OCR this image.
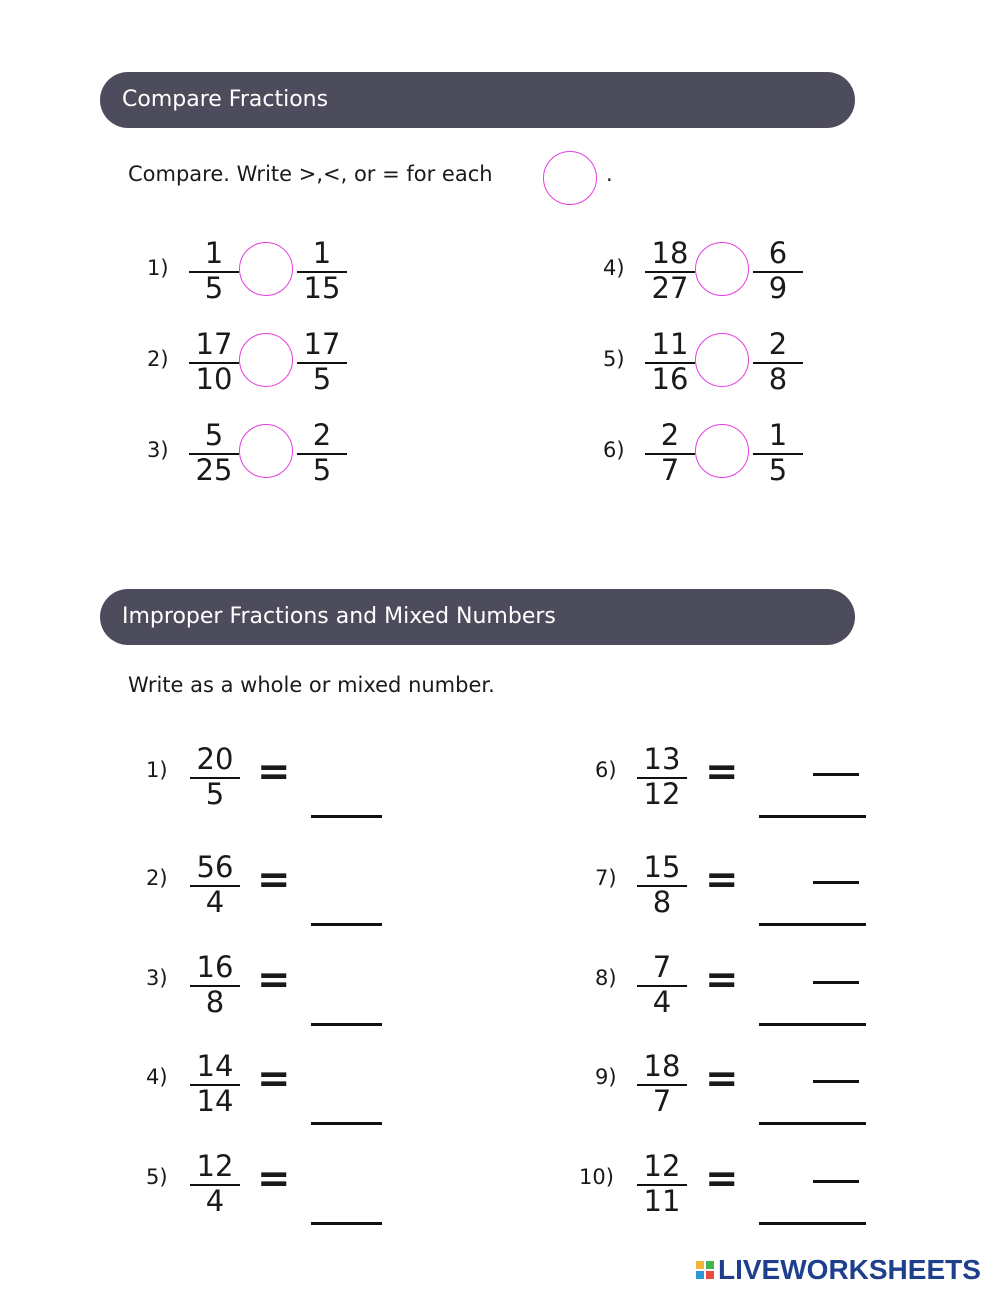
Compare Fractions
Compare. Write >,<, or = for each	.
1)	1
5
1
15
2) 17
10
17
5
3)	5
25
2
5
4) 18
27
6
9
5) 11
16
2
8
6)	2
7
1
5
Improper Fractions and Mixed Numbers
Write as a whole or mixed number.
1) 20
5 =
2) 56
4 =
3) 16
8 =
4) 14
14 =
5) 12
4 =
6) 13
12 =
7) 15
8 =
8)	7
4 =
9) 18
7 =
10) 12
11 =
LIVEWORKSHEETS
